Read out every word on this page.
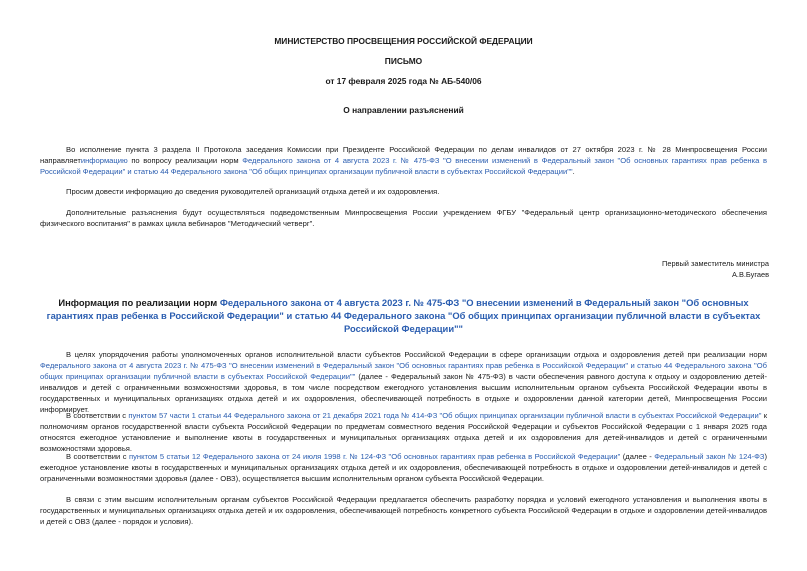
МИНИСТЕРСТВО ПРОСВЕЩЕНИЯ РОССИЙСКОЙ ФЕДЕРАЦИИ
ПИСЬМО
от 17 февраля 2025 года № АБ-540/06
О направлении разъяснений

Во исполнение пункта 3 раздела II Протокола заседания Комиссии при Президенте Российской Федерации по делам инвалидов от 27 октября 2023 г. № 28 Минпросвещения России направляетинформацию по вопросу реализации норм Федерального закона от 4 августа 2023 г. № 475-ФЗ "О внесении изменений в Федеральный закон "Об основных гарантиях прав ребенка в Российской Федерации" и статью 44 Федерального закона "Об общих принципах организации публичной власти в субъектах Российской Федерации"".

Просим довести информацию до сведения руководителей организаций отдыха детей и их оздоровления.

Дополнительные разъяснения будут осуществляться подведомственным Минпросвещения России учреждением ФГБУ "Федеральный центр организационно-методического обеспечения физического воспитания" в рамках цикла вебинаров "Методический четверг".

Первый заместитель министра
А.В.Бугаев
Информация по реализации норм Федерального закона от 4 августа 2023 г. № 475-ФЗ "О внесении изменений в Федеральный закон "Об основных гарантиях прав ребенка в Российской Федерации" и статью 44 Федерального закона "Об общих принципах организации публичной власти в субъектах Российской Федерации""

В целях упорядочения работы уполномоченных органов исполнительной власти субъектов Российской Федерации в сфере организации отдыха и оздоровления детей при реализации норм Федерального закона от 4 августа 2023 г. № 475-ФЗ "О внесении изменений в Федеральный закон "Об основных гарантиях прав ребенка в Российской Федерации" и статью 44 Федерального закона "Об общих принципах организации публичной власти в субъектах Российской Федерации"" (далее - Федеральный закон № 475-ФЗ) в части обеспечения равного доступа к отдыху и оздоровлению детей-инвалидов и детей с ограниченными возможностями здоровья, в том числе посредством ежегодного установления высшим исполнительным органом субъекта Российской Федерации квоты в государственных и муниципальных организациях отдыха детей и их оздоровления, обеспечивающей потребность в отдыхе и оздоровлении данной категории детей, Минпросвещения России информирует.

В соответствии с пунктом 57 части 1 статьи 44 Федерального закона от 21 декабря 2021 года № 414-ФЗ "Об общих принципах организации публичной власти в субъектах Российской Федерации" к полномочиям органов государственной власти субъекта Российской Федерации по предметам совместного ведения Российской Федерации и субъектов Российской Федерации с 1 января 2025 года относятся ежегодное установление и выполнение квоты в государственных и муниципальных организациях отдыха детей и их оздоровления для детей-инвалидов и детей с ограниченными возможностями здоровья.

В соответствии с пунктом 5 статьи 12 Федерального закона от 24 июля 1998 г. № 124-ФЗ "Об основных гарантиях прав ребенка в Российской Федерации" (далее - Федеральный закон № 124-ФЗ) ежегодное установление квоты в государственных и муниципальных организациях отдыха детей и их оздоровления, обеспечивающей потребность в отдыхе и оздоровлении детей-инвалидов и детей с ограниченными возможностями здоровья (далее - ОВЗ), осуществляется высшим исполнительным органом субъекта Российской Федерации.

В связи с этим высшим исполнительным органам субъектов Российской Федерации предлагается обеспечить разработку порядка и условий ежегодного установления и выполнения квоты в государственных и муниципальных организациях отдыха детей и их оздоровления, обеспечивающей потребность конкретного субъекта Российской Федерации в отдыхе и оздоровлении детей-инвалидов и детей с ОВЗ (далее - порядок и условия).
